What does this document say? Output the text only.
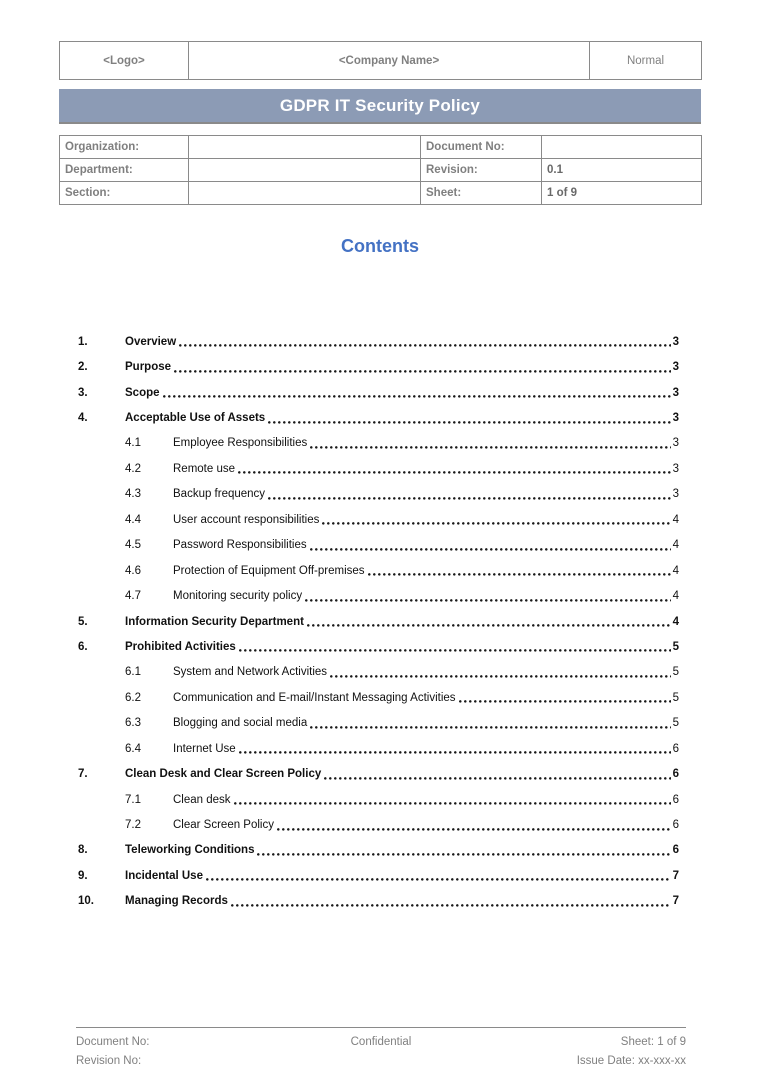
<Logo>	<Company Name>	Normal
GDPR IT Security Policy
Organization:		Document No:	
Department:		Revision:	0.1
Section:		Sheet:	1 of 9
Contents
1.	Overview	3
2.	Purpose	3
3.	Scope	3
4.	Acceptable Use of Assets	3
4.1	Employee Responsibilities	3
4.2	Remote use	3
4.3	Backup frequency	3
4.4	User account responsibilities	4
4.5	Password Responsibilities	4
4.6	Protection of Equipment Off-premises	4
4.7	Monitoring security policy	4
5.	Information Security Department	4
6.	Prohibited Activities	5
6.1	System and Network Activities	5
6.2	Communication and E-mail/Instant Messaging Activities	5
6.3	Blogging and social media	5
6.4	Internet Use	6
7.	Clean Desk and Clear Screen Policy	6
7.1	Clean desk	6
7.2	Clear Screen Policy	6
8.	Teleworking Conditions	6
9.	Incidental Use	7
10.	Managing Records	7
Document No:	Confidential	Sheet: 1 of 9
Revision No:	Issue Date: xx-xxx-xx
